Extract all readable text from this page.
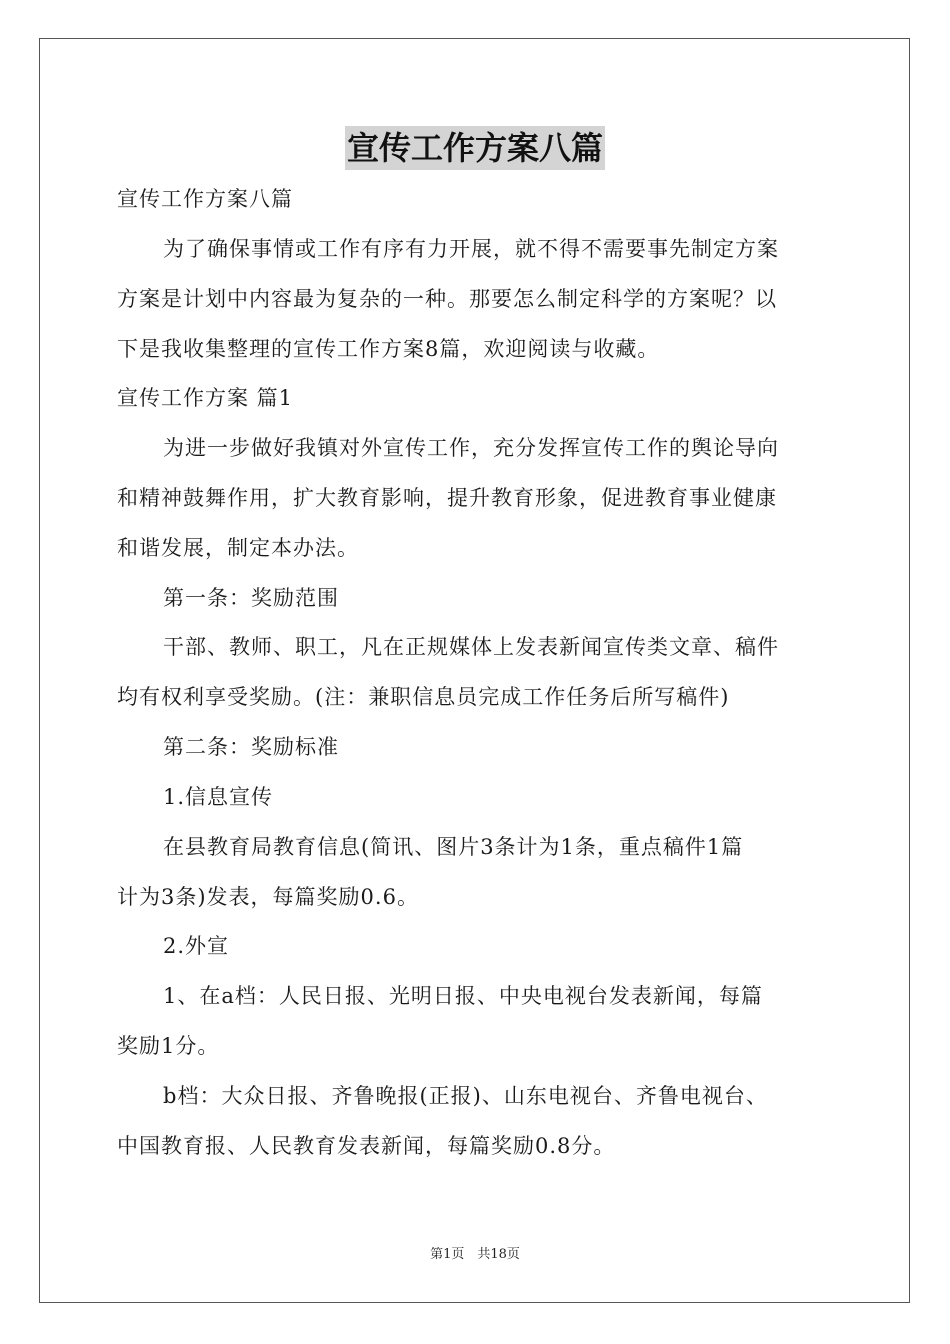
宣传工作方案八篇
宣传工作方案八篇
为了确保事情或工作有序有力开展，就不得不需要事先制定方案
方案是计划中内容最为复杂的一种。那要怎么制定科学的方案呢？以
下是我收集整理的宣传工作方案8篇，欢迎阅读与收藏。
宣传工作方案 篇1
为进一步做好我镇对外宣传工作，充分发挥宣传工作的舆论导向
和精神鼓舞作用，扩大教育影响，提升教育形象，促进教育事业健康
和谐发展，制定本办法。
第一条：奖励范围
干部、教师、职工，凡在正规媒体上发表新闻宣传类文章、稿件
均有权利享受奖励。(注：兼职信息员完成工作任务后所写稿件)
第二条：奖励标准
1.信息宣传
在县教育局教育信息(简讯、图片3条计为1条，重点稿件1篇
计为3条)发表，每篇奖励0.6。
2.外宣
1、在a档：人民日报、光明日报、中央电视台发表新闻，每篇
奖励1分。
b档：大众日报、齐鲁晚报(正报)、山东电视台、齐鲁电视台、
中国教育报、人民教育发表新闻，每篇奖励0.8分。
第1页　共18页
